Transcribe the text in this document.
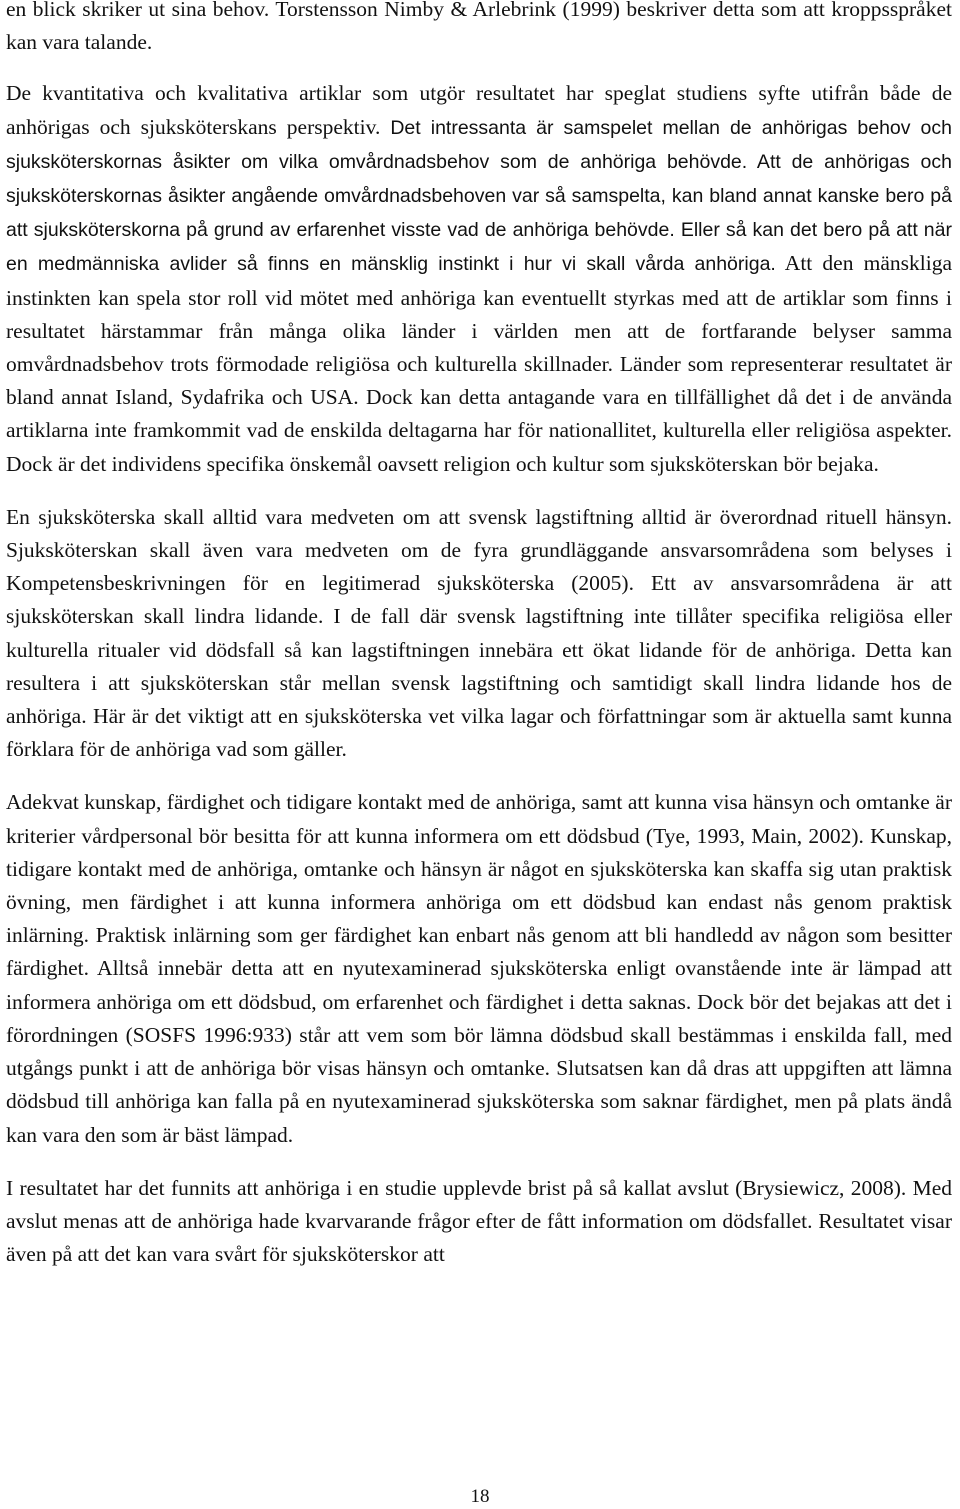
en blick skriker ut sina behov. Torstensson Nimby & Arlebrink (1999) beskriver detta som att kroppsspråket kan vara talande.

De kvantitativa och kvalitativa artiklar som utgör resultatet har speglat studiens syfte utifrån både de anhörigas och sjuksköterskans perspektiv. Det intressanta är samspelet mellan de anhörigas behov och sjuksköterskornas åsikter om vilka omvårdnadsbehov som de anhöriga behövde. Att de anhörigas och sjuksköterskornas åsikter angående omvårdnadsbehoven var så samspelta, kan bland annat kanske bero på att sjuksköterskorna på grund av erfarenhet visste vad de anhöriga behövde. Eller så kan det bero på att när en medmänniska avlider så finns en mänsklig instinkt i hur vi skall vårda anhöriga. Att den mänskliga instinkten kan spela stor roll vid mötet med anhöriga kan eventuellt styrkas med att de artiklar som finns i resultatet härstammar från många olika länder i världen men att de fortfarande belyser samma omvårdnadsbehov trots förmodade religiösa och kulturella skillnader. Länder som representerar resultatet är bland annat Island, Sydafrika och USA. Dock kan detta antagande vara en tillfällighet då det i de använda artiklarna inte framkommit vad de enskilda deltagarna har för nationallitet, kulturella eller religiösa aspekter. Dock är det individens specifika önskemål oavsett religion och kultur som sjuksköterskan bör bejaka.

En sjuksköterska skall alltid vara medveten om att svensk lagstiftning alltid är överordnad rituell hänsyn. Sjuksköterskan skall även vara medveten om de fyra grundläggande ansvarsområdena som belyses i Kompetensbeskrivningen för en legitimerad sjuksköterska (2005). Ett av ansvarsområdena är att sjuksköterskan skall lindra lidande. I de fall där svensk lagstiftning inte tillåter specifika religiösa eller kulturella ritualer vid dödsfall så kan lagstiftningen innebära ett ökat lidande för de anhöriga. Detta kan resultera i att sjuksköterskan står mellan svensk lagstiftning och samtidigt skall lindra lidande hos de anhöriga. Här är det viktigt att en sjuksköterska vet vilka lagar och författningar som är aktuella samt kunna förklara för de anhöriga vad som gäller.

Adekvat kunskap, färdighet och tidigare kontakt med de anhöriga, samt att kunna visa hänsyn och omtanke är kriterier vårdpersonal bör besitta för att kunna informera om ett dödsbud (Tye, 1993, Main, 2002). Kunskap, tidigare kontakt med de anhöriga, omtanke och hänsyn är något en sjuksköterska kan skaffa sig utan praktisk övning, men färdighet i att kunna informera anhöriga om ett dödsbud kan endast nås genom praktisk inlärning. Praktisk inlärning som ger färdighet kan enbart nås genom att bli handledd av någon som besitter färdighet. Alltså innebär detta att en nyutexaminerad sjuksköterska enligt ovanstående inte är lämpad att informera anhöriga om ett dödsbud, om erfarenhet och färdighet i detta saknas. Dock bör det bejakas att det i förordningen (SOSFS 1996:933) står att vem som bör lämna dödsbud skall bestämmas i enskilda fall, med utgångs punkt i att de anhöriga bör visas hänsyn och omtanke. Slutsatsen kan då dras att uppgiften att lämna dödsbud till anhöriga kan falla på en nyutexaminerad sjuksköterska som saknar färdighet, men på plats ändå kan vara den som är bäst lämpad.

I resultatet har det funnits att anhöriga i en studie upplevde brist på så kallat avslut (Brysiewicz, 2008). Med avslut menas att de anhöriga hade kvarvarande frågor efter de fått information om dödsfallet. Resultatet visar även på att det kan vara svårt för sjuksköterskor att

18
